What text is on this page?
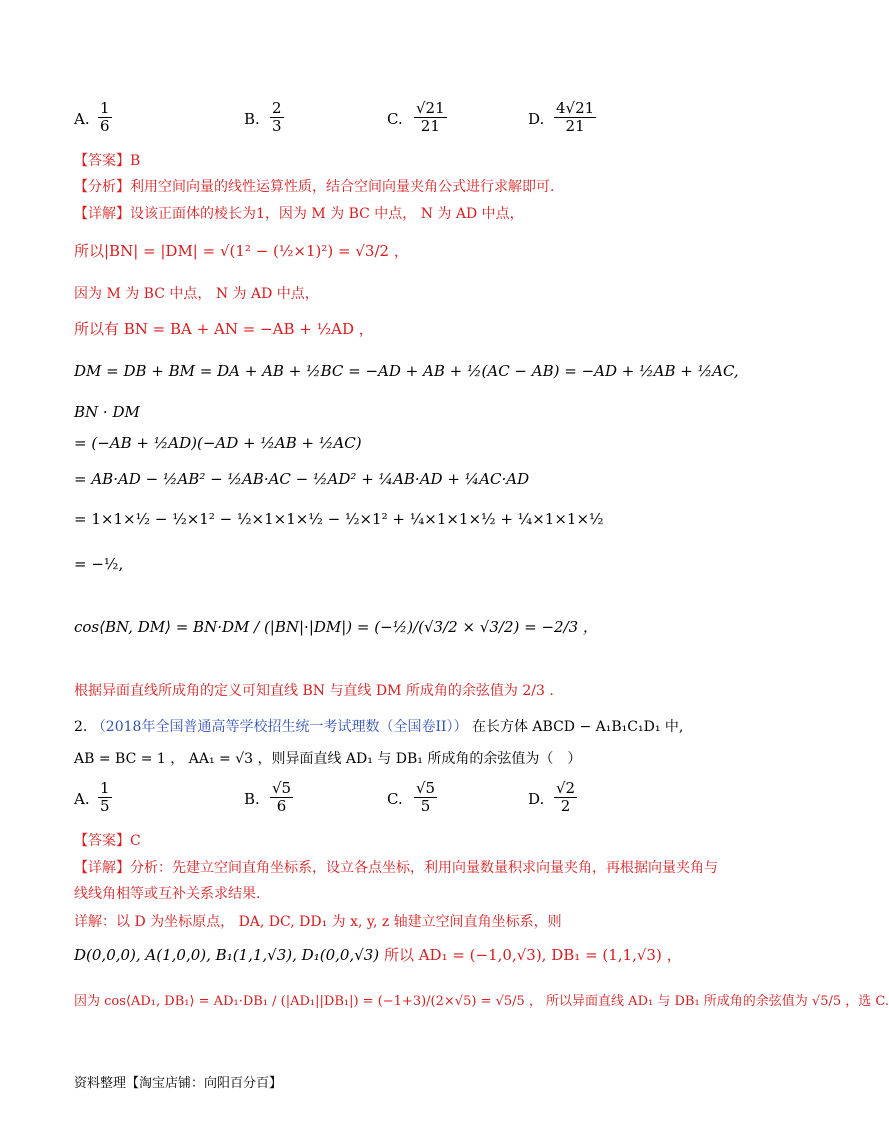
A. $\frac{1}{6}$	B. $\frac{2}{3}$	C. $\frac{√21}{21}$	D. $\frac{4√21}{21}$
【答案】B
【分析】利用空间向量的线性运算性质，结合空间向量夹角公式进行求解即可.
【详解】设该正面体的棱长为1，因为 M 为 BC 中点， N 为 AD 中点，
所以|BN| = |DM| = √(1² − (½×1)²) = √3/2 ，
因为 M 为 BC 中点， N 为 AD 中点，
所以有 BN = BA + AN = −AB + ½AD ，
DM = DB + BM = DA + AB + ½BC = −AD + AB + ½(AC − AB) = −AD + ½AB + ½AC,
BN · DM
= (−AB + ½AD)(−AD + ½AB + ½AC)
= AB·AD − ½AB² − ½AB·AC − ½AD² + ¼AB·AD + ¼AC·AD
= 1×1×½ − ½×1² − ½×1×1×½ − ½×1² + ¼×1×1×½ + ¼×1×1×½
= −½,
cos⟨BN, DM⟩ = BN·DM / (|BN|·|DM|) = (−½)/(√3/2 × √3/2) = −2/3 ，
根据异面直线所成角的定义可知直线 BN 与直线 DM 所成角的余弦值为 2/3 .
2. （2018年全国普通高等学校招生统一考试理数（全国卷II）） 在长方体 ABCD − A₁B₁C₁D₁ 中,
AB = BC = 1 ， AA₁ = √3 ，则异面直线 AD₁ 与 DB₁ 所成角的余弦值为（　）
A. $\frac{1}{5}$	B. $\frac{√5}{6}$	C. $\frac{√5}{5}$	D. $\frac{√2}{2}$
【答案】C
【详解】分析：先建立空间直角坐标系，设立各点坐标，利用向量数量积求向量夹角，再根据向量夹角与
线线角相等或互补关系求结果.
详解：以 D 为坐标原点， DA, DC, DD₁ 为 x, y, z 轴建立空间直角坐标系，则
D(0,0,0), A(1,0,0), B₁(1,1,√3), D₁(0,0,√3) 所以 AD₁ = (−1,0,√3), DB₁ = (1,1,√3) ，
因为 cos⟨AD₁, DB₁⟩ = AD₁·DB₁ / (|AD₁||DB₁|) = (−1+3)/(2×√5) = √5/5 ， 所以异面直线 AD₁ 与 DB₁ 所成角的余弦值为 √5/5 ，选 C.
资料整理【淘宝店铺：向阳百分百】
